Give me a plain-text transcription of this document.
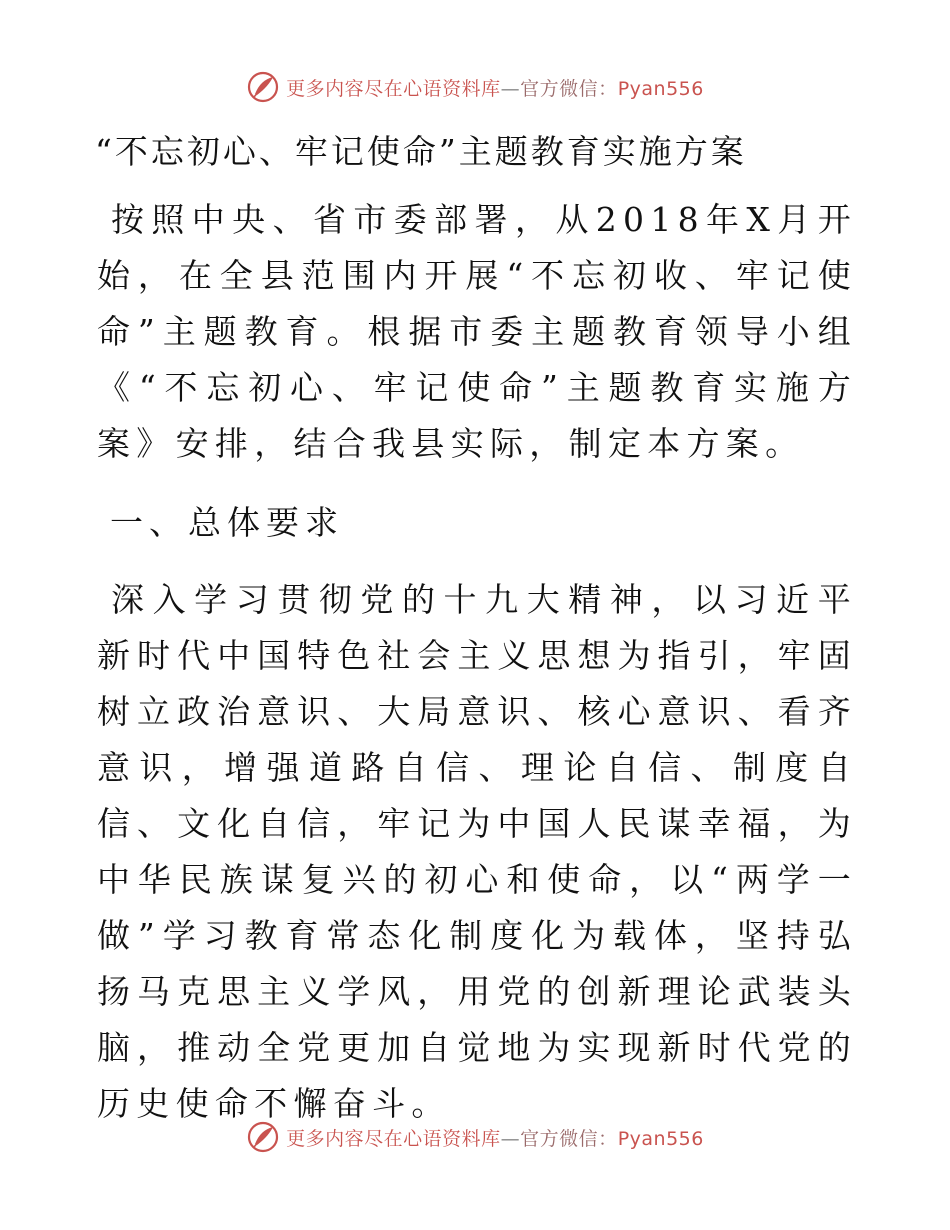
更多内容尽在心语资料库—官方微信：Pyan556
“不忘初心、牢记使命”主题教育实施方案

按照中央、省市委部署，从2018年X月开始，在全县范围内开展“不忘初收、牢记使命”主题教育。根据市委主题教育领导小组《“不忘初心、牢记使命”主题教育实施方案》安排，结合我县实际，制定本方案。

一、总体要求

深入学习贯彻党的十九大精神，以习近平新时代中国特色社会主义思想为指引，牢固树立政治意识、大局意识、核心意识、看齐意识，增强道路自信、理论自信、制度自信、文化自信，牢记为中国人民谋幸福，为中华民族谋复兴的初心和使命，以“两学一做”学习教育常态化制度化为载体，坚持弘扬马克思主义学风，用党的创新理论武装头脑，推动全党更加自觉地为实现新时代党的历史使命不懈奋斗。

更多内容尽在心语资料库—官方微信：Pyan556
